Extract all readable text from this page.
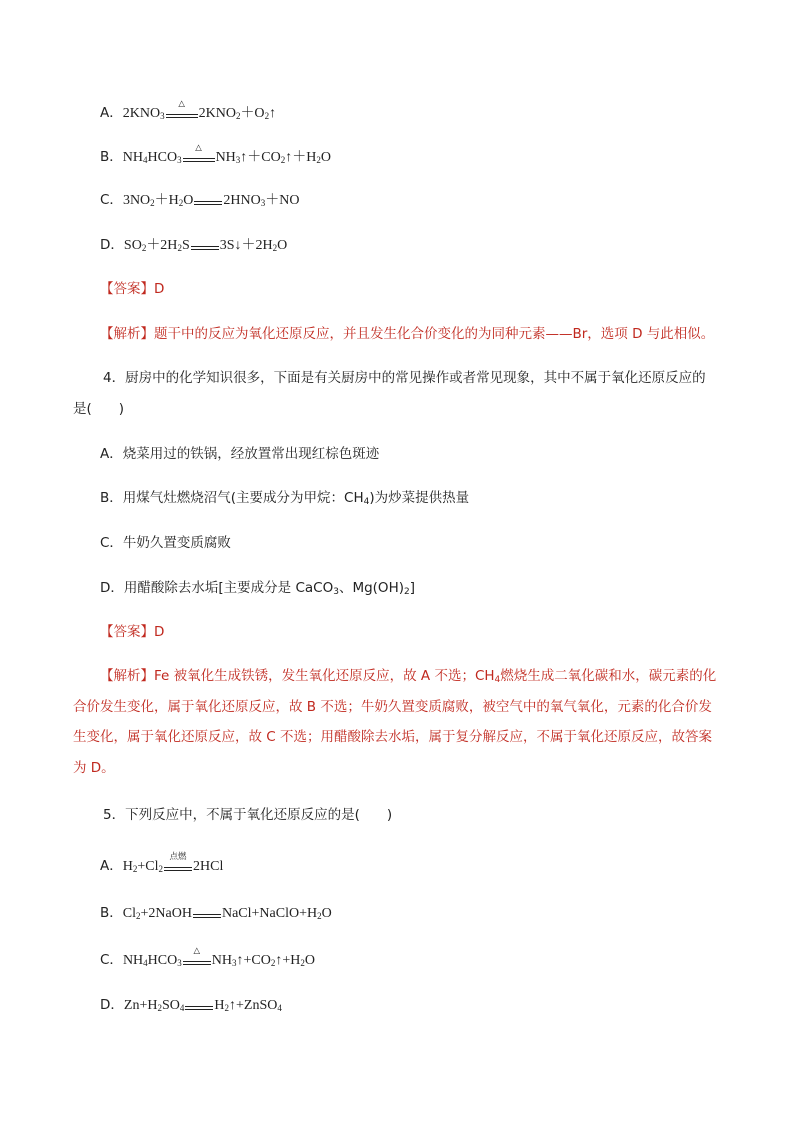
A．$2KNO_3$
△
$2KNO_2+O_2↑$
B．$NH_4HCO_3$
△
$NH_3↑+CO_2↑+H_2O$
C．$3NO_2+H_2O$ $2HNO_3+NO$
D．$SO_2+2H_2S$ $3S↓+2H_2O$
【答案】D
【解析】题干中的反应为氧化还原反应，并且发生化合价变化的为同种元素——Br，选项 D 与此相似。
4．厨房中的化学知识很多，下面是有关厨房中的常见操作或者常见现象，其中不属于氧化还原反应的
是(　　)
A．烧菜用过的铁锅，经放置常出现红棕色斑迹
B．用煤气灶燃烧沼气(主要成分为甲烷：$CH_4$)为炒菜提供热量
C．牛奶久置变质腐败
D．用醋酸除去水垢[主要成分是 CaCO$_3$、$Mg(OH)_2$]
【答案】D
【解析】Fe 被氧化生成铁锈，发生氧化还原反应，故 A 不选；$CH_4$燃烧生成二氧化碳和水，碳元素的化合价发生变化，属于氧化还原反应，故 B 不选；牛奶久置变质腐败，被空气中的氧气氧化，元素的化合价发生变化，属于氧化还原反应，故 C 不选；用醋酸除去水垢，属于复分解反应，不属于氧化还原反应，故答案为 D。
5．下列反应中，不属于氧化还原反应的是(　　)
A．$H_2+Cl_2$
点燃
2HCl
B．$Cl_2+2NaOH$ $NaCl+NaClO+H_2O$
C．$NH_4HCO_3$
△
$NH_3↑+CO_2↑+H_2O$
D．$Zn+H_2SO_4$ $H_2↑+ZnSO_4$
